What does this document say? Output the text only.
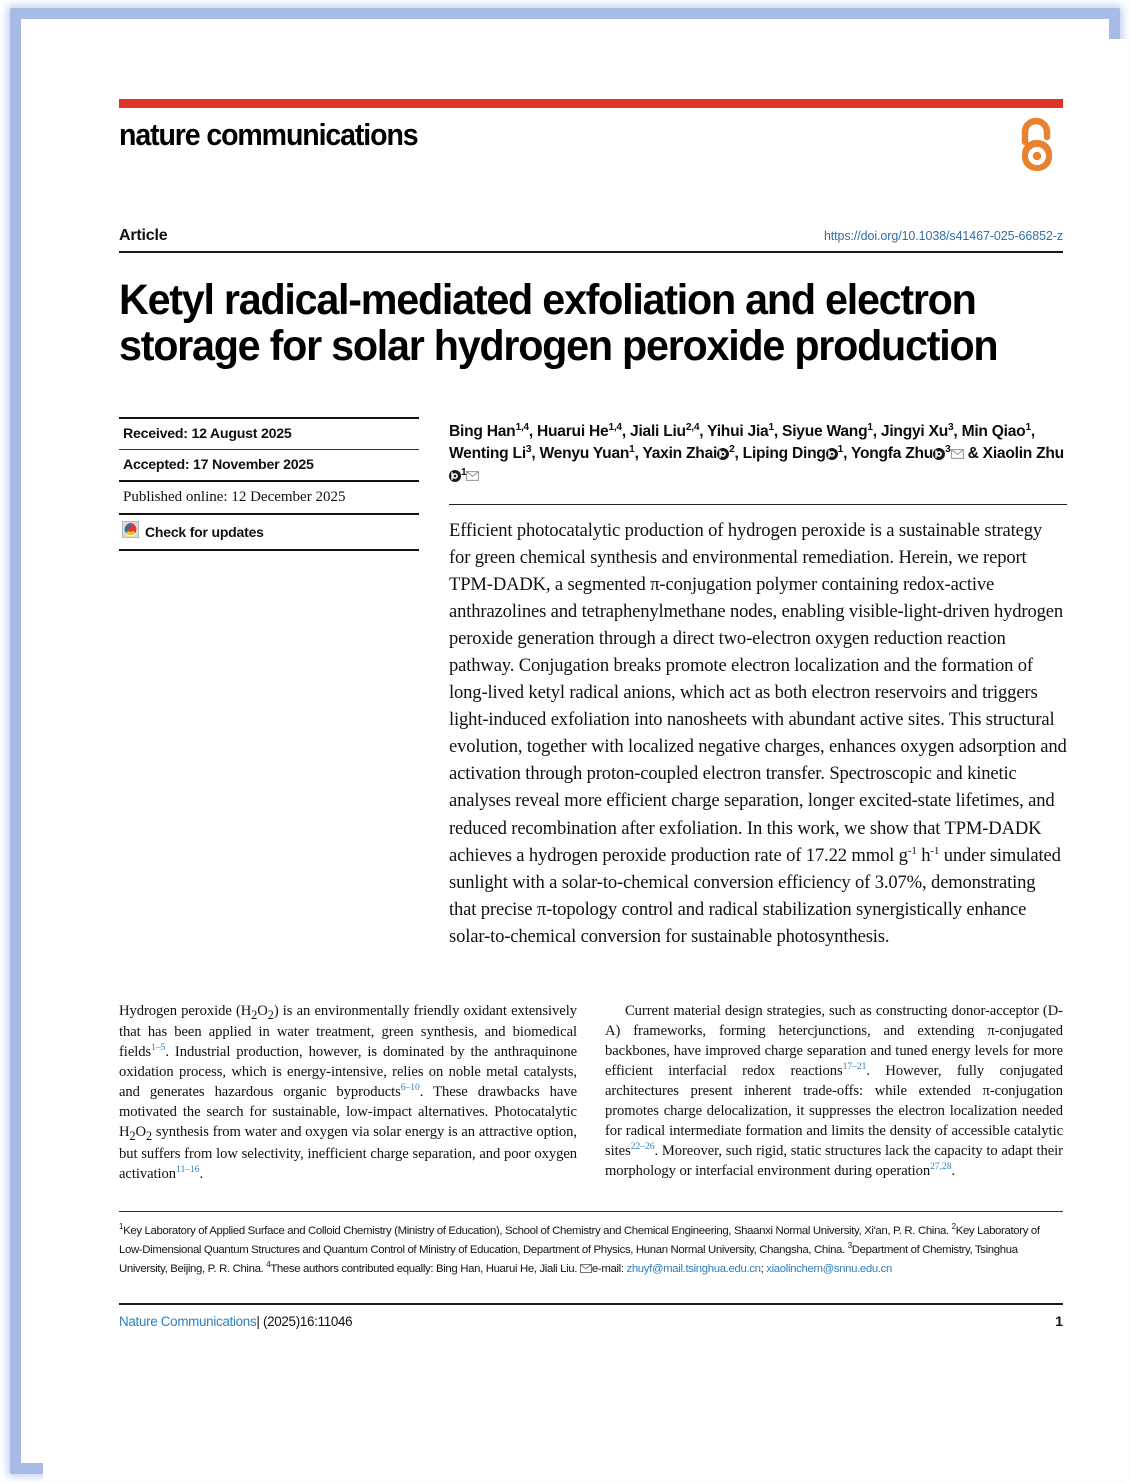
nature communications
Article	https://doi.org/10.1038/s41467-025-66852-z
Ketyl radical-mediated exfoliation and electron storage for solar hydrogen peroxide production
Received: 12 August 2025
Accepted: 17 November 2025
Published online: 12 December 2025
Check for updates
Bing Han$^{1,4}$, Huarui He$^{1,4}$, Jiali Liu$^{2,4}$, Yihui Jia$^1$, Siyue Wang$^1$, Jingyi Xu$^3$, Min Qiao$^1$, Wenting Li$^3$, Wenyu Yuan$^1$, Yaxin Zhai $^2$, Liping Ding $^1$, Yongfa Zhu $^3$ & Xiaolin Zhu$^1$
Efficient photocatalytic production of hydrogen peroxide is a sustainable strategy for green chemical synthesis and environmental remediation. Herein, we report TPM-DADK, a segmented π-conjugation polymer containing redox-active anthrazolines and tetraphenylmethane nodes, enabling visible-light-driven hydrogen peroxide generation through a direct two-electron oxygen reduction reaction pathway. Conjugation breaks promote electron localization and the formation of long-lived ketyl radical anions, which act as both electron reservoirs and triggers light-induced exfoliation into nanosheets with abundant active sites. This structural evolution, together with localized negative charges, enhances oxygen adsorption and activation through proton-coupled electron transfer. Spectroscopic and kinetic analyses reveal more efficient charge separation, longer excited-state lifetimes, and reduced recombination after exfoliation. In this work, we show that TPM-DADK achieves a hydrogen peroxide production rate of 17.22 mmol $g^{-1}$ $h^{-1}$ under simulated sunlight with a solar-to-chemical conversion efficiency of 3.07%, demonstrating that precise π-topology control and radical stabilization synergistically enhance solar-to-chemical conversion for sustainable photosynthesis.

Hydrogen peroxide $(H_2O_2)$ is an environmentally friendly oxidant extensively that has been applied in water treatment, green synthesis, and biomedical fields$^{1-5}$. Industrial production, however, is dominated by the anthraquinone oxidation process, which is energy-intensive, relies on noble metal catalysts, and generates hazardous organic byproducts$^{6-10}$. These drawbacks have motivated the search for sustainable, low-impact alternatives. Photocatalytic $H_2O_2$ synthesis from water and oxygen via solar energy is an attractive option, but suffers from low selectivity, inefficient charge separation, and poor oxygen activation$^{11-16}$.

Current material design strategies, such as constructing donor-acceptor (D-A) frameworks, forming hetercjunctions, and extending π-conjugated backbones, have improved charge separation and tuned energy levels for more efficient interfacial redox reactions$^{17-21}$. However, fully conjugated architectures present inherent trade-offs: while extended π-conjugation promotes charge delocalization, it suppresses the electron localization needed for radical intermediate formation and limits the density of accessible catalytic sites$^{22-26}$. Moreover, such rigid, static structures lack the capacity to adapt their morphology or interfacial environment during operation$^{27,28}$.

$^1$Key Laboratory of Applied Surface and Colloid Chemistry (Ministry of Education), School of Chemistry and Chemical Engineering, Shaanxi Normal University, Xi'an, P. R. China. $^2$Key Laboratory of Low-Dimensional Quantum Structures and Quantum Control of Ministry of Education, Department of Physics, Hunan Normal University, Changsha, China. $^3$Department of Chemistry, Tsinghua University, Beijing, P. R. China. $^4$These authors contributed equally: Bing Han, Huarui He, Jiali Liu. e-mail: zhuyf@mail.tsinghua.edu.cn; xiaolinchem@snnu.edu.cn
Nature Communications| (2025)16:11046	1
